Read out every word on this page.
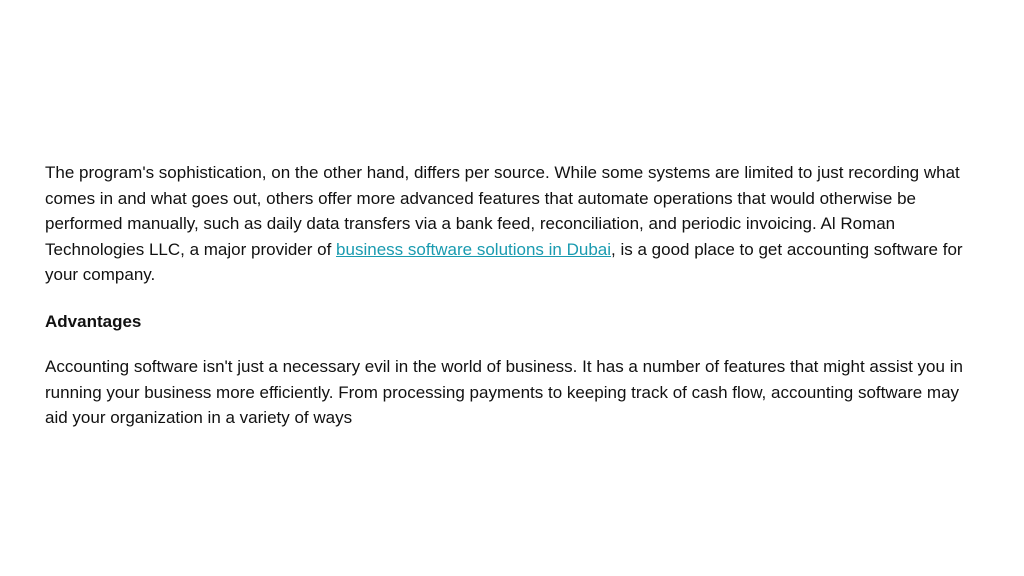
The program's sophistication, on the other hand, differs per source. While some systems are limited to just recording what comes in and what goes out, others offer more advanced features that automate operations that would otherwise be performed manually, such as daily data transfers via a bank feed, reconciliation, and periodic invoicing. Al Roman Technologies LLC, a major provider of business software solutions in Dubai, is a good place to get accounting software for your company.

Advantages

Accounting software isn't just a necessary evil in the world of business. It has a number of features that might assist you in running your business more efficiently. From processing payments to keeping track of cash flow, accounting software may aid your organization in a variety of ways
